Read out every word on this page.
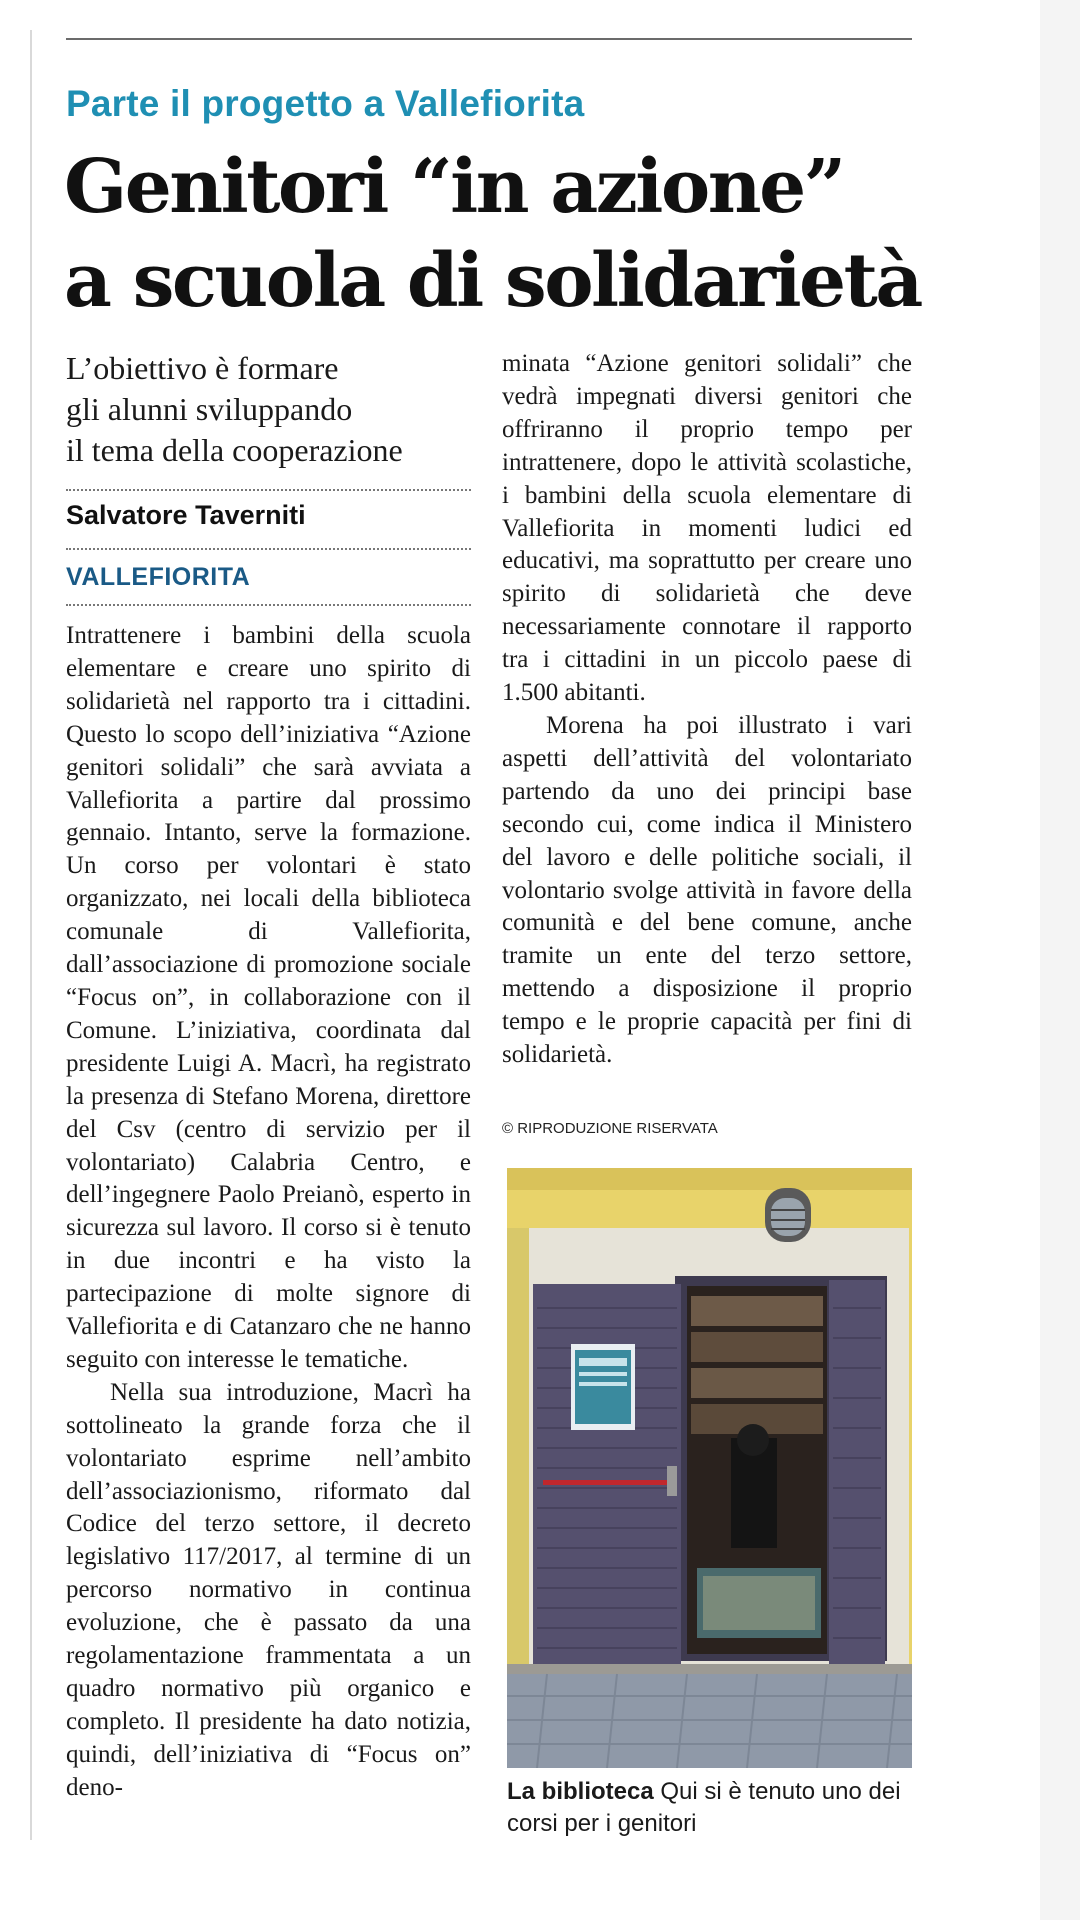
Parte il progetto a Vallefiorita
Genitori “in azione”
a scuola di solidarietà
L’obiettivo è formare
gli alunni sviluppando
il tema della cooperazione
Salvatore Taverniti
VALLEFIORITA

Intrattenere i bambini della scuola elementare e creare uno spirito di solidarietà nel rapporto tra i cittadini. Questo lo scopo dell’iniziativa “Azione genitori solidali” che sarà avviata a Vallefiorita a partire dal prossimo gennaio. Intanto, serve la formazione. Un corso per volontari è stato organizzato, nei locali della biblioteca comunale di Vallefiorita, dall’associazione di promozione sociale “Focus on”, in collaborazione con il Comune. L’iniziativa, coordinata dal presidente Luigi A. Macrì, ha registrato la presenza di Stefano Morena, direttore del Csv (centro di servizio per il volontariato) Calabria Centro, e dell’ingegnere Paolo Preianò, esperto in sicurezza sul lavoro. Il corso si è tenuto in due incontri e ha visto la partecipazione di molte signore di Vallefiorita e di Catanzaro che ne hanno seguito con interesse le tematiche.

Nella sua introduzione, Macrì ha sottolineato la grande forza che il volontariato esprime nell’ambito dell’associazionismo, riformato dal Codice del terzo settore, il decreto legislativo 117/2017, al termine di un percorso normativo in continua evoluzione, che è passato da una regolamentazione frammentata a un quadro normativo più organico e completo. Il presidente ha dato notizia, quindi, dell’iniziativa di “Focus on” deno-

minata “Azione genitori solidali” che vedrà impegnati diversi genitori che offriranno il proprio tempo per intrattenere, dopo le attività scolastiche, i bambini della scuola elementare di Vallefiorita in momenti ludici ed educativi, ma soprattutto per creare uno spirito di solidarietà che deve necessariamente connotare il rapporto tra i cittadini in un piccolo paese di 1.500 abitanti.

Morena ha poi illustrato i vari aspetti dell’attività del volontariato partendo da uno dei principi base secondo cui, come indica il Ministero del lavoro e delle politiche sociali, il volontario svolge attività in favore della comunità e del bene comune, anche tramite un ente del terzo settore, mettendo a disposizione il proprio tempo e le proprie capacità per fini di solidarietà.

© RIPRODUZIONE RISERVATA
La biblioteca Qui si è tenuto uno dei corsi per i genitori
